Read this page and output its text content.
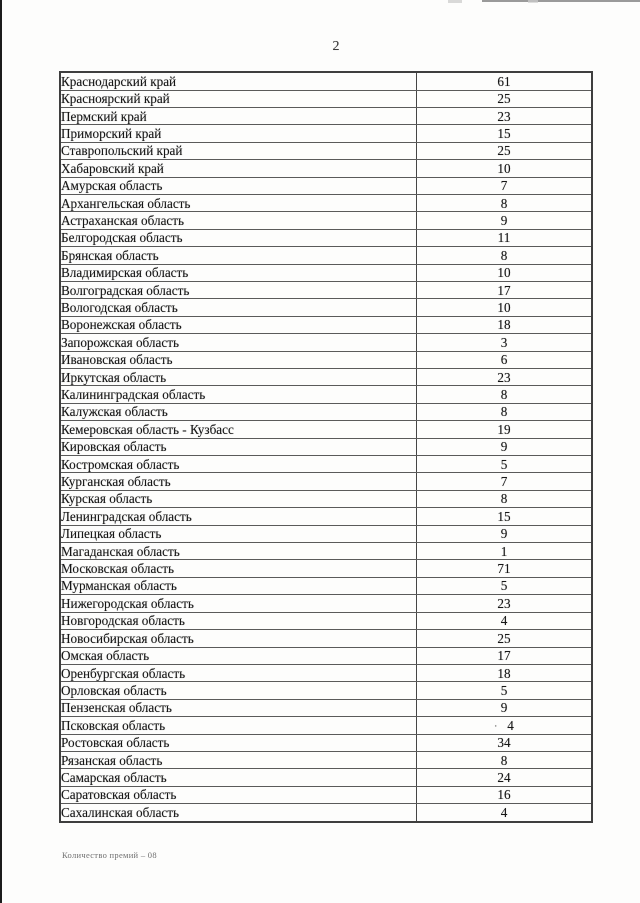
2
Краснодарский край	61
Красноярский край	25
Пермский край	23
Приморский край	15
Ставропольский край	25
Хабаровский край	10
Амурская область	7
Архангельская область	8
Астраханская область	9
Белгородская область	11
Брянская область	8
Владимирская область	10
Волгоградская область	17
Вологодская область	10
Воронежская область	18
Запорожская область	3
Ивановская область	6
Иркутская область	23
Калининградская область	8
Калужская область	8
Кемеровская область - Кузбасс	19
Кировская область	9
Костромская область	5
Курганская область	7
Курская область	8
Ленинградская область	15
Липецкая область	9
Магаданская область	1
Московская область	71
Мурманская область	5
Нижегородская область	23
Новгородская область	4
Новосибирская область	25
Омская область	17
Оренбургская область	18
Орловская область	5
Пензенская область	9
Псковская область	· 4
Ростовская область	34
Рязанская область	8
Самарская область	24
Саратовская область	16
Сахалинская область	4
Количество премий – 08
